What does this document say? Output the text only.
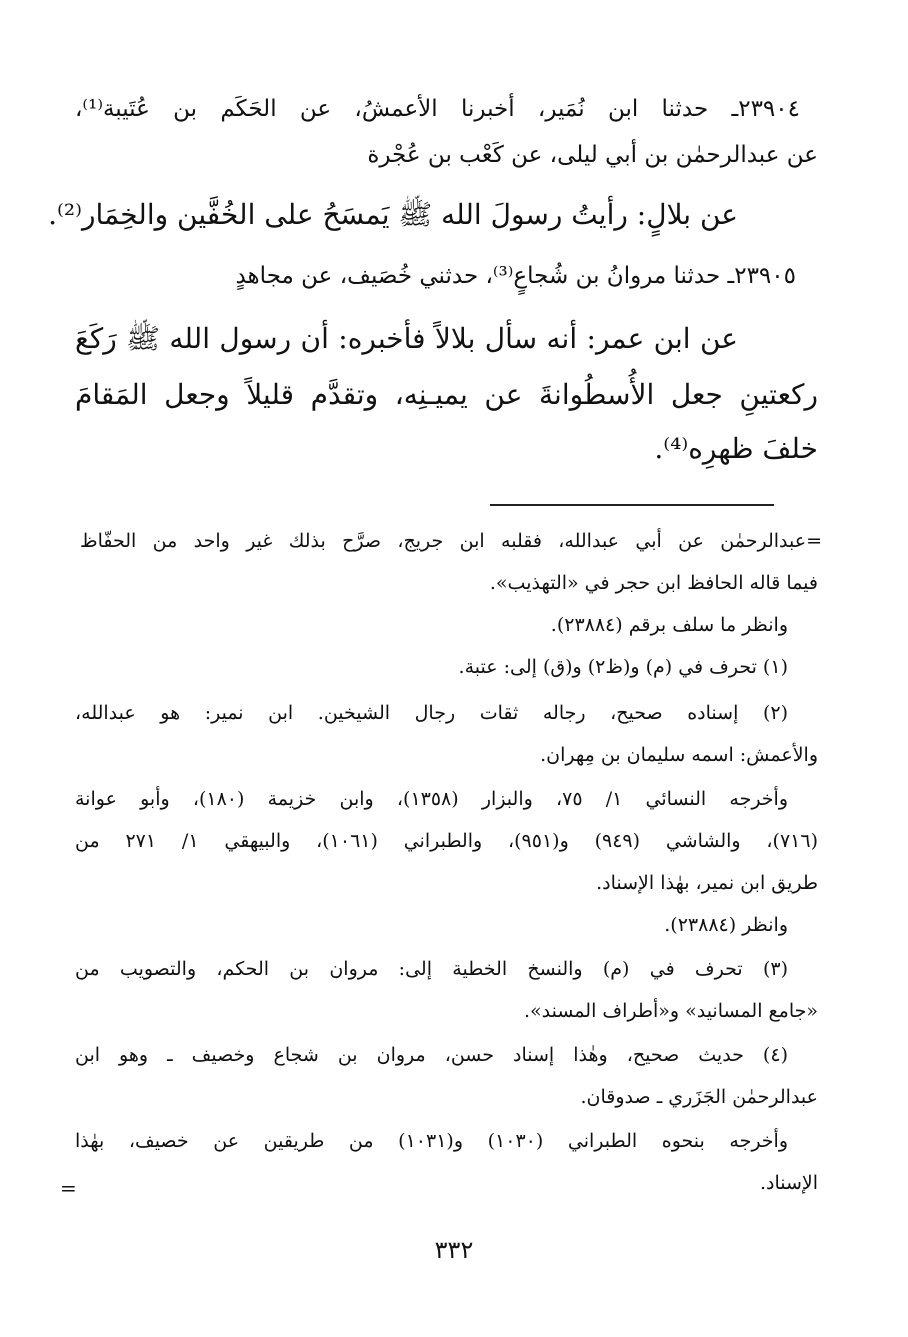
٢٣٩٠٤ـ حدثنا ابن نُمَير، أخبرنا الأعمشُ، عن الحَكَم بن عُتَيبة⁽¹⁾،
عن عبدالرحمٰن بن أبي ليلى، عن كَعْب بن عُجْرة
عن بلالٍ: رأيتُ رسولَ الله ﷺ يَمسَحُ على الخُفَّين والخِمَار⁽²⁾.
٢٣٩٠٥ـ حدثنا مروانُ بن شُجاعٍ⁽³⁾، حدثني خُصَيف، عن مجاهدٍ
عن ابن عمر: أنه سأل بلالاً فأخبره: أن رسول الله ﷺ رَكَعَ
ركعتينِ جعل الأُسطُوانةَ عن يميـنِه، وتقدَّم قليلاً وجعل المَقامَ
خلفَ ظهرِه⁽⁴⁾.
=عبدالرحمٰن عن أبي عبدالله، فقلبه ابن جريج، صرَّح بذلك غير واحد من الحفّاظ
فيما قاله الحافظ ابن حجر في «التهذيب».
وانظر ما سلف برقم (٢٣٨٨٤).
(١) تحرف في (م) و(ظ٢) و(ق) إلى: عتبة.
(٢) إسناده صحيح، رجاله ثقات رجال الشيخين. ابن نمير: هو عبدالله،
والأعمش: اسمه سليمان بن مِهران.
وأخرجه النسائي ١/ ٧٥، والبزار (١٣٥٨)، وابن خزيمة (١٨٠)، وأبو عوانة
(٧١٦)، والشاشي (٩٤٩) و(٩٥١)، والطبراني (١٠٦١)، والبيهقي ١/ ٢٧١ من
طريق ابن نمير، بهٰذا الإسناد.
وانظر (٢٣٨٨٤).
(٣) تحرف في (م) والنسخ الخطية إلى: مروان بن الحكم، والتصويب من
«جامع المسانيد» و«أطراف المسند».
(٤) حديث صحيح، وهٰذا إسناد حسن، مروان بن شجاع وخصيف ـ وهو ابن
عبدالرحمٰن الجَزَري ـ صدوقان.
وأخرجه بنحوه الطبراني (١٠٣٠) و(١٠٣١) من طريقين عن خصيف، بهٰذا
الإسناد.
=
٣٣٢
